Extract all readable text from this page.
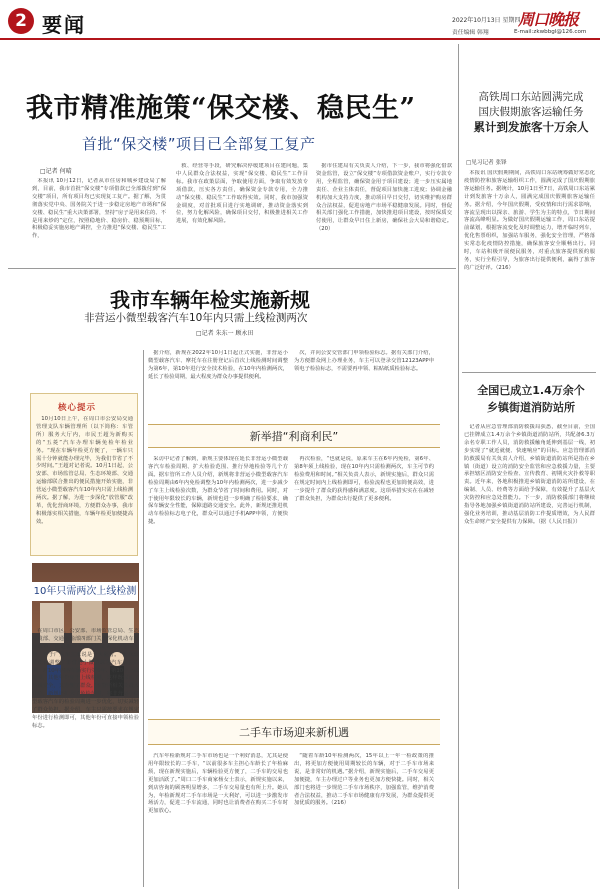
2 要闻	2022年10月13日 星期四
责任编辑 韩翔
周口晚报
E-mail:zkwbbgl@126.com
我市精准施策“保交楼、稳民生”
首批“保交楼”项目已全部复工复产
□记者 何晴

本报讯 10月12日，记者从市住房和城乡建设局了解到，目前，我市首批“保交楼”专项借款已全部拨付到“保交楼”项目，所有项目均已实现复工复产。据了解，为贯彻落实党中央、国务院关于进一步稳定房地产市场和“保交楼、稳民生”重大决策部署，坚持“房子是用来住的、不是用来炒的”定位，按照稳地价、稳房价、稳预期目标，积极稳妥实施房地产调控，全力推进“保交楼、稳民生”工作，

救、经营等手段，研究解决停缓建项目在建问题，集中人民群众合法权益，实现“保交楼、稳民生”工作目标。我市在政策层面，争取使用方面，争取有效发放专项借款，压实各方责任，确保资金专款专用，全力推动“保交楼、稳民生”工作取得实效。同时，我市加强资金调度，对首批项目进行实地调研，推动资金落实到位，努力化解风险，确保项目交付，积极推进相关工作进展，有效化解风险。

据市住建局有关负责人介绍，下一步，我市将强化借款资金监管，设立“保交楼”专项借款资金账户，实行专款专用，全程监管，确保资金用于项目建设；进一步压实属地责任、企业主体责任，督促项目加快施工进度；协调金融机构加大支持力度，推动项目早日交付，切实维护购房群众合法权益，促进房地产市场平稳健康发展。同时，督促相关部门强化工作措施，加快推进项目建设，按时保质交付使用，让群众早日住上新房，确保社会大局和谐稳定。（20）

高铁周口东站圆满完成
国庆假期旅客运输任务
累计到发旅客十万余人
□见习记者 张锋

本报讯 国庆假期期间，高铁周口东站统筹做好常态化疫情防控和旅客运输组织工作，圆满完成了国庆假期旅客运输任务。据统计，10月1日至7日，高铁周口东站累计到发旅客十万余人，圆满完成国庆假期旅客运输任务。据介绍，今年国庆假期，受疫情和出行需求影响，客流呈现出以探亲、旅游、学生为主的特点，节日期间客流高峰明显。为做好国庆假期运输工作，周口东站提前谋划，根据客流变化及时调整运力，增开临时列车，优化售票组织，加强站车服务，强化安全管理，严格落实常态化疫情防控措施，确保旅客安全顺畅出行。同时，车站积极开展便民服务，对重点旅客提供预约服务，实行全程引导，为旅客出行提供便利，赢得了旅客的广泛好评。（216）

全国已成立1.4万余个
乡镇街道消防站所

记者从应急管理部消防救援局获悉，截至目前，全国已挂牌成立1.4万余个乡镇街道消防站所，共配备6.3万余名专职工作人员，消防救援触角延伸到基层一线，初步实现了“就近就便、快速响应”的目标。应急管理部消防救援局有关负责人介绍，乡镇街道消防站所是指在乡镇（街道）设立的消防安全监管和应急救援力量，主要承担辖区消防安全检查、宣传教育、初期火灾扑救等职责。近年来，各地积极推进乡镇街道消防站所建设，在编制、人员、经费等方面给予保障，有效提升了基层火灾防控和应急处置能力。下一步，消防救援部门将继续指导各地加强乡镇街道消防站所建设，完善运行机制，强化业务培训，推动基层消防工作提质增效，为人民群众生命财产安全提供有力保障。（据《人民日报》）

我市车辆年检实施新规
非营运小微型载客汽车10年内只需上线检测两次
□记者 朱东一 顾永田
核心提示

10月10日上午，在周口市公安局交通管理支队车辆管理所（以下简称：车管所）服务大厅内，市民王超为新购买的“五菱”汽车办理车辆免检年检业务。“现在车辆年检更方便了，一辆车只需十分钟就能办理完毕，为我们节省了不少时间。”王超对记者说。10月1日起，公安部、市场监管总局、生态环境部、交通运输部联合推出的便民措施开始实施，非营运小微型载客汽车10年内只需上线检测两次。据了解，为进一步深化“放管服”改革，优化营商环境，方便群众办事，我市积极落实相关措施，车辆年检更加便捷高效。

据介绍，新规在2022年10月1日起正式实施，非营运小微型载客汽车、摩托车在注册登记后首次上线检测时间调整为第6年，第10年进行安全技术检验，在10年内检测两次，延长了检验周期，最大程度为群众办事提供便利。

次，并向公安交管部门申领检验标志。据有关部门介绍，为方便群众网上办理业务，车主可以登录交管12123APP申领电子检验标志，不需要再申领、粘贴纸质检验标志。

新举措“利商利民”

采访中记者了解到，新规主要体现在延长非营运小微型载客汽车检验周期、扩大检验范围、推行异地检验等几个方面。据车管所工作人员介绍，新规将非营运小微型载客汽车检验周期由6年内免检调整为10年内检测两次，进一步减少了车主上线检验次数，为群众节省了时间和费用。同时，对于使用年限较长的车辆，新规也进一步明确了检验要求，确保车辆安全性能，保障道路交通安全。此外，新规还推进机动车检验标志电子化，群众可以通过手机APP申领，方便快捷。

再次检验，“也就是说，原来车主在6年内免检，第6年、第8年须上线检验，现在10年内只需检测两次，车主可节约检验费用和时间。”相关负责人表示，新规实施后，群众只需在规定时间内上线检测即可，检验流程也更加简便高效，进一步提升了群众的获得感和满意度。这项举措实实在在减轻了群众负担，为群众出行提供了更多便利。

10年只需两次上线检测

在周口市区，公安部、市场监管总局、生态环境部、交通运输部四部门关于深化机动车检验改革、推进机动车检验便民利民措施的实施，对于广大车主来说是一大福音。“此次改革优化调整了非营运小微型载客汽车检验周期，对10年内的车辆实行第6年、第10年上线检测，其他年份免于上线检测，这样既保证了车辆安全，又方便了群众。”车管所相关负责人介绍，新规还扩大了免检范围，将非营运小微型载客汽车的检验周期进一步优化，切实减轻了群众负担。据介绍，车主只需按要求在规定年份进行检测即可，其他年份可直接申领检验标志。

二手车市场迎来新机遇

汽车年检新规对二手车市场也是一个利好消息，尤其是使用年限较长的二手车，“以前很多车主担心车龄长了年检麻烦，现在新规实施后，车辆检验更方便了，二手车的交易也更加活跃了。”周口二手车商家杨女士表示，新规实施以来，到店咨询的顾客明显增多，二手车交易量也有所上升。她认为，年检新规对二手车市场是一大利好，可以进一步激发市场活力，促进二手车流通，同时也让消费者在购买二手车时更加放心。

“随着车龄10年检测两次，15年以上一年一检政策的推出，将更加方便使用周期较长的车辆，对于二手车市场来说，是非常好的机遇。”据介绍，新规实施后，二手车交易更加便捷，车主办理过户等业务也更加方便快捷。同时，相关部门也将进一步规范二手车市场秩序，加强监管，维护消费者合法权益，推动二手车市场健康有序发展，为群众提供更加优质的服务。（216）
